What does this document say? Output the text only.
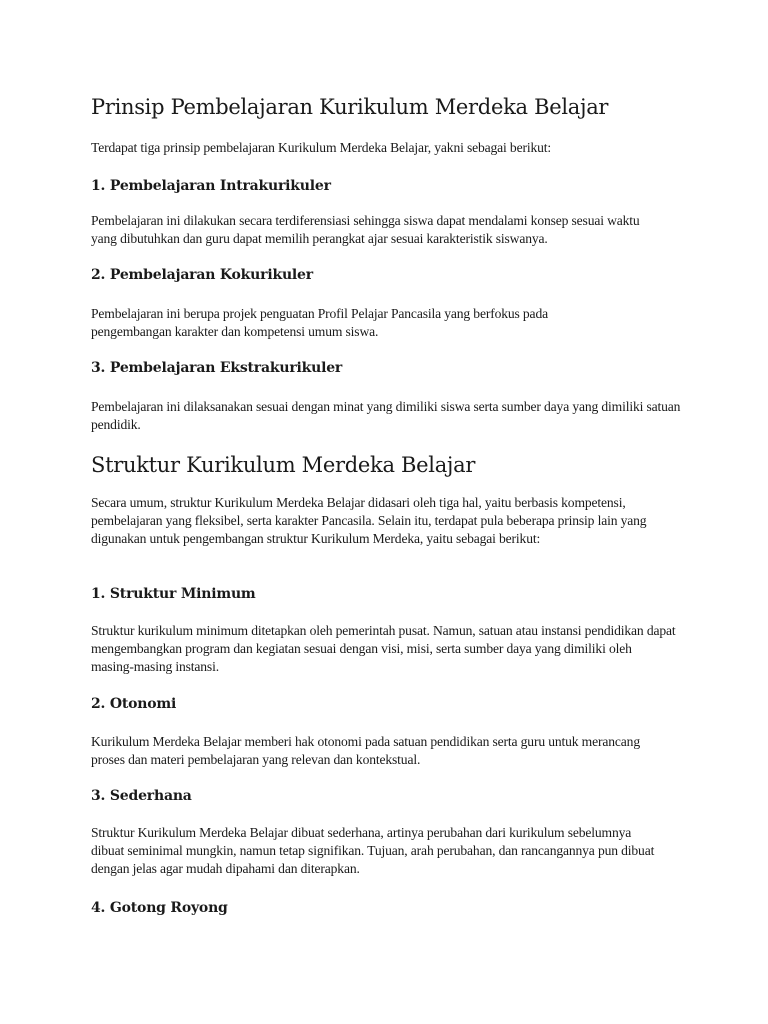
Prinsip Pembelajaran Kurikulum Merdeka Belajar

Terdapat tiga prinsip pembelajaran Kurikulum Merdeka Belajar, yakni sebagai berikut:

1. Pembelajaran Intrakurikuler

Pembelajaran ini dilakukan secara terdiferensiasi sehingga siswa dapat mendalami konsep sesuai waktu yang dibutuhkan dan guru dapat memilih perangkat ajar sesuai karakteristik siswanya.

2. Pembelajaran Kokurikuler

Pembelajaran ini berupa projek penguatan Profil Pelajar Pancasila yang berfokus pada pengembangan karakter dan kompetensi umum siswa.

3. Pembelajaran Ekstrakurikuler

Pembelajaran ini dilaksanakan sesuai dengan minat yang dimiliki siswa serta sumber daya yang dimiliki satuan pendidik.

Struktur Kurikulum Merdeka Belajar

Secara umum, struktur Kurikulum Merdeka Belajar didasari oleh tiga hal, yaitu berbasis kompetensi, pembelajaran yang fleksibel, serta karakter Pancasila. Selain itu, terdapat pula beberapa prinsip lain yang digunakan untuk pengembangan struktur Kurikulum Merdeka, yaitu sebagai berikut:

1. Struktur Minimum

Struktur kurikulum minimum ditetapkan oleh pemerintah pusat. Namun, satuan atau instansi pendidikan dapat mengembangkan program dan kegiatan sesuai dengan visi, misi, serta sumber daya yang dimiliki oleh masing-masing instansi.

2. Otonomi

Kurikulum Merdeka Belajar memberi hak otonomi pada satuan pendidikan serta guru untuk merancang proses dan materi pembelajaran yang relevan dan kontekstual.

3. Sederhana

Struktur Kurikulum Merdeka Belajar dibuat sederhana, artinya perubahan dari kurikulum sebelumnya dibuat seminimal mungkin, namun tetap signifikan. Tujuan, arah perubahan, dan rancangannya pun dibuat dengan jelas agar mudah dipahami dan diterapkan.

4. Gotong Royong
